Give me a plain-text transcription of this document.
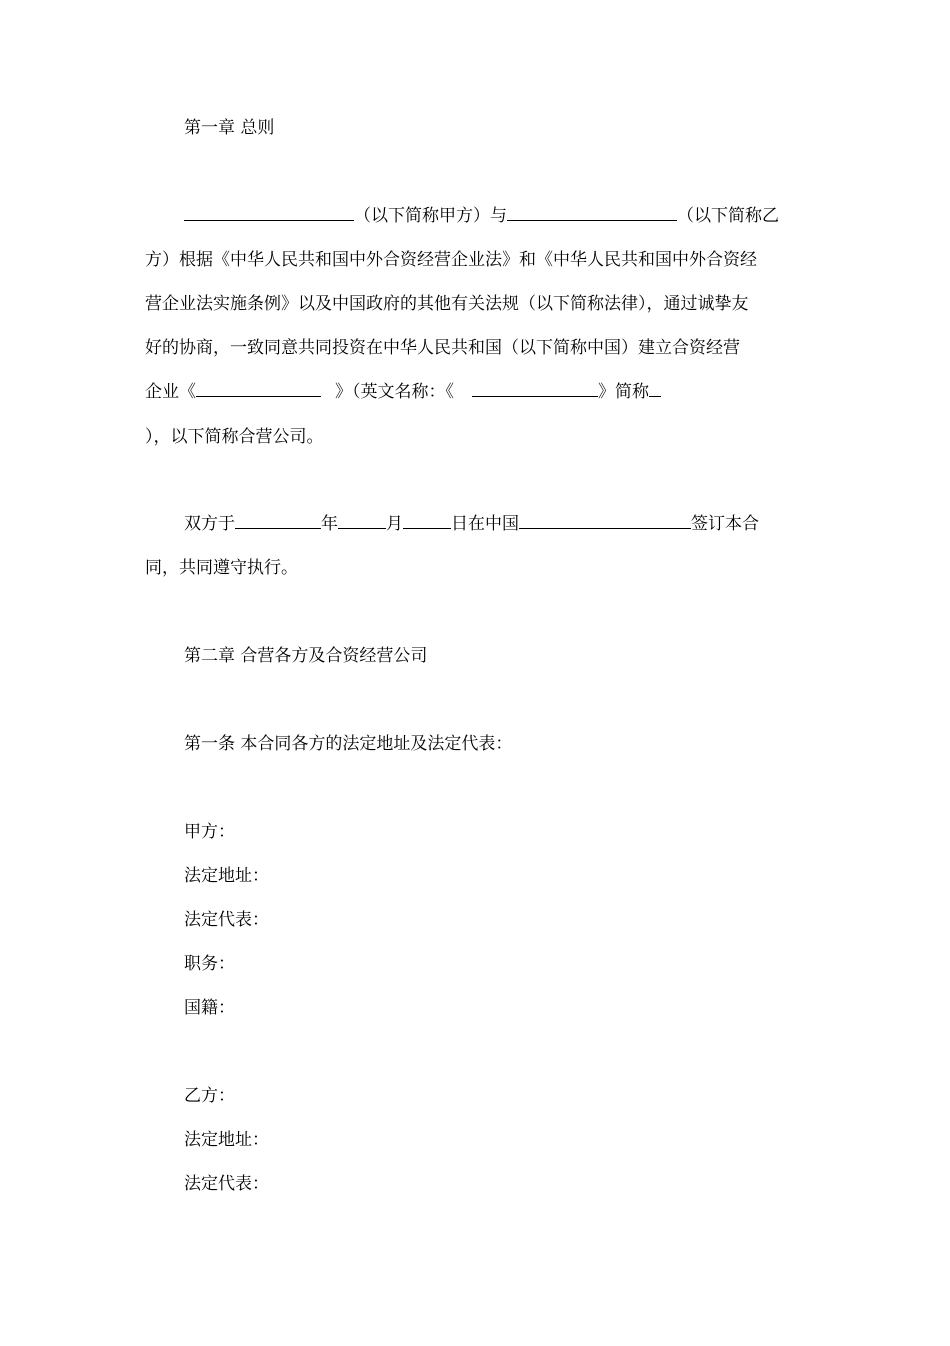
第一章 总则
（以下简称甲方）与	（以下简称乙
方）根据《中华人民共和国中外合资经营企业法》和《中华人民共和国中外合资经
营企业法实施条例》以及中国政府的其他有关法规（以下简称法律），通过诚挚友
好的协商，一致同意共同投资在中华人民共和国（以下简称中国）建立合资经营
企业《	》（英文名称：《	》简称
），以下简称合营公司。
双方于	年	月	日在中国	签订本合
同，共同遵守执行。
第二章 合营各方及合资经营公司
第一条 本合同各方的法定地址及法定代表：
甲方：
法定地址：
法定代表：
职务：
国籍：
乙方：
法定地址：
法定代表：
